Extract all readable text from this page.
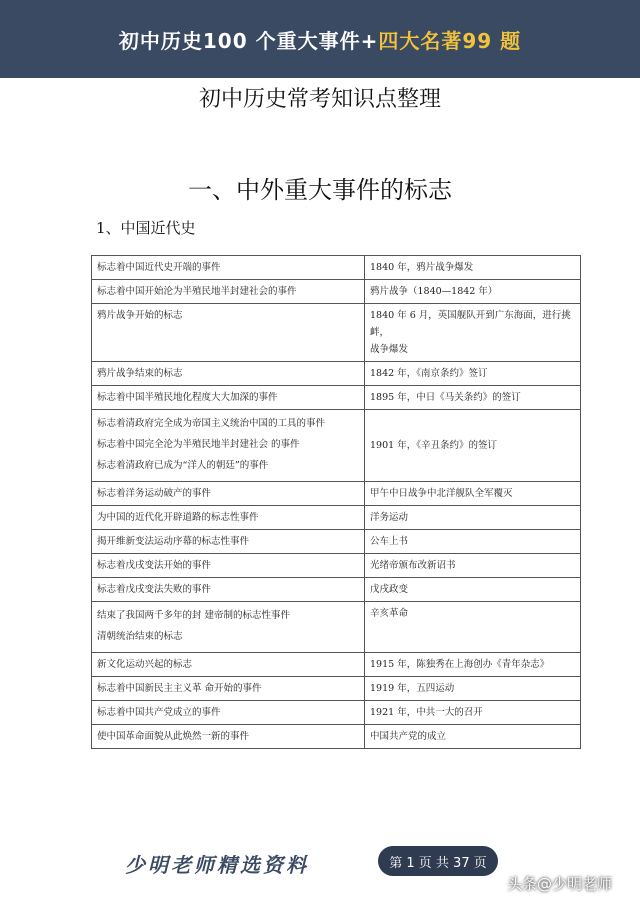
初中历史100 个重大事件+ 四大名著99 题
初中历史常考知识点整理
一、中外重大事件的标志
1、中国近代史
标志着中国近代史开端的事件	1840 年，鸦片战争爆发

标志着中国开始沦为半殖民地半封建社会的事件	鸦片战争（1840—1842 年）

鸦片战争开始的标志	1840 年 6 月，英国舰队开到广东海面，进行挑衅，
战争爆发

鸦片战争结束的标志	1842 年，《南京条约》签订

标志着中国半殖民地化程度大大加深的事件	1895 年，中日《马关条约》的签订

标志着清政府完全成为帝国主义统治中国的工具的事件
标志着中国完全沦为半殖民地半封建社会 的事件
标志着清政府已成为“洋人的朝廷”的事件	1901 年，《辛丑条约》的签订

标志着洋务运动破产的事件	甲午中日战争中北洋舰队全军覆灭

为中国的近代化开辟道路的标志性事件	洋务运动

揭开维新变法运动序幕的标志性事件	公车上书

标志着戊戌变法开始的事件	光绪帝颁布改新诏书

标志着戊戌变法失败的事件	戊戌政变

结束了我国两千多年的封 建帝制的标志性事件
清朝统治结束的标志	辛亥革命

新文化运动兴起的标志	1915 年，陈独秀在上海创办《青年杂志》

标志着中国新民主主义革 命开始的事件	1919 年，五四运动

标志着中国共产党成立的事件	1921 年，中共一大的召开

使中国革命面貌从此焕然一新的事件	中国共产党的成立
少明老师精选资料	第 1 页 共 37 页
头条@少明老师
